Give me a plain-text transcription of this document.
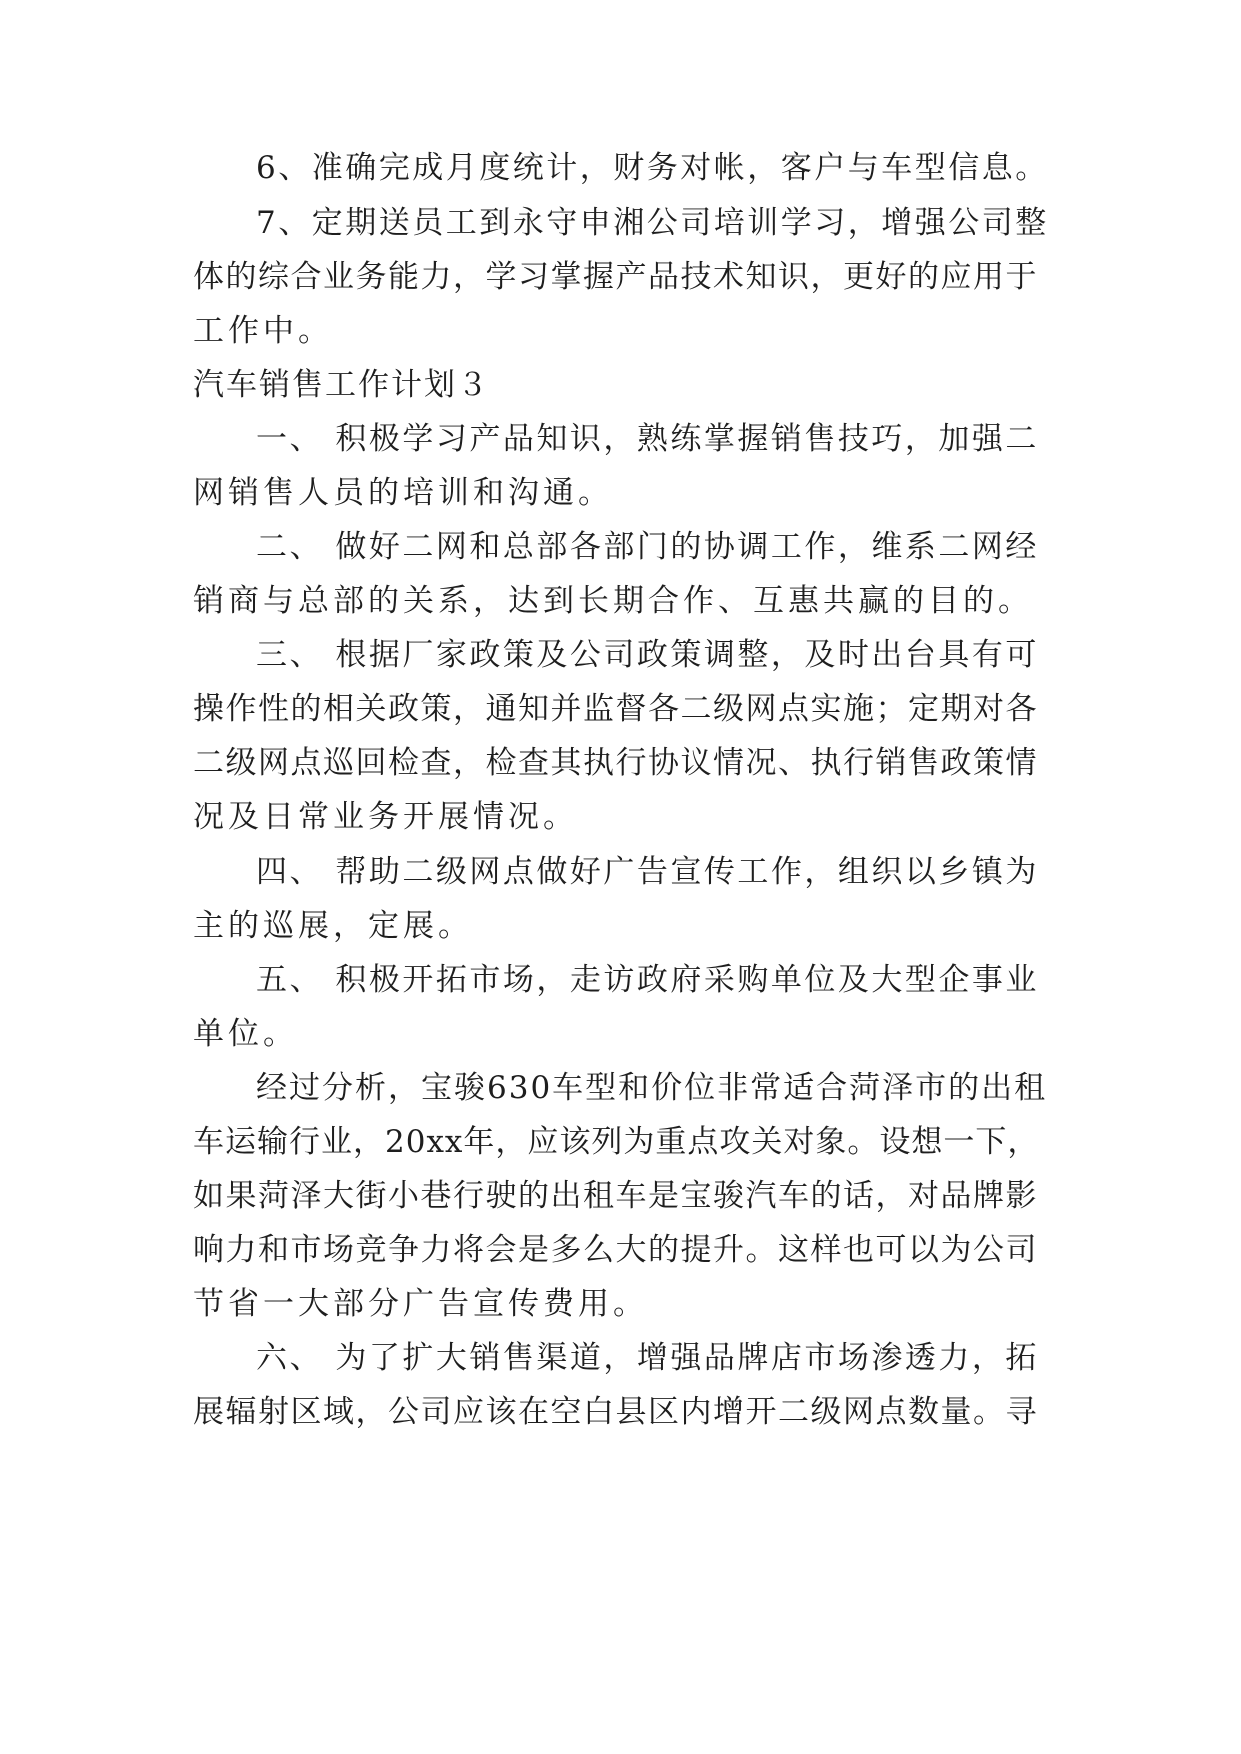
6、准确完成月度统计，财务对帐，客户与车型信息。
7、定期送员工到永守申湘公司培训学习，增强公司整
体的综合业务能力，学习掌握产品技术知识，更好的应用于
工作中。
汽车销售工作计划３
一、 积极学习产品知识，熟练掌握销售技巧，加强二
网销售人员的培训和沟通。
二、 做好二网和总部各部门的协调工作，维系二网经
销商与总部的关系，达到长期合作、互惠共赢的目的。
三、 根据厂家政策及公司政策调整，及时出台具有可
操作性的相关政策，通知并监督各二级网点实施；定期对各
二级网点巡回检查，检查其执行协议情况、执行销售政策情
况及日常业务开展情况。
四、 帮助二级网点做好广告宣传工作，组织以乡镇为
主的巡展，定展。
五、 积极开拓市场，走访政府采购单位及大型企事业
单位。
经过分析，宝骏630车型和价位非常适合菏泽市的出租
车运输行业，20xx年，应该列为重点攻关对象。设想一下，
如果菏泽大街小巷行驶的出租车是宝骏汽车的话，对品牌影
响力和市场竞争力将会是多么大的提升。这样也可以为公司
节省一大部分广告宣传费用。
六、 为了扩大销售渠道，增强品牌店市场渗透力，拓
展辐射区域，公司应该在空白县区内增开二级网点数量。寻
